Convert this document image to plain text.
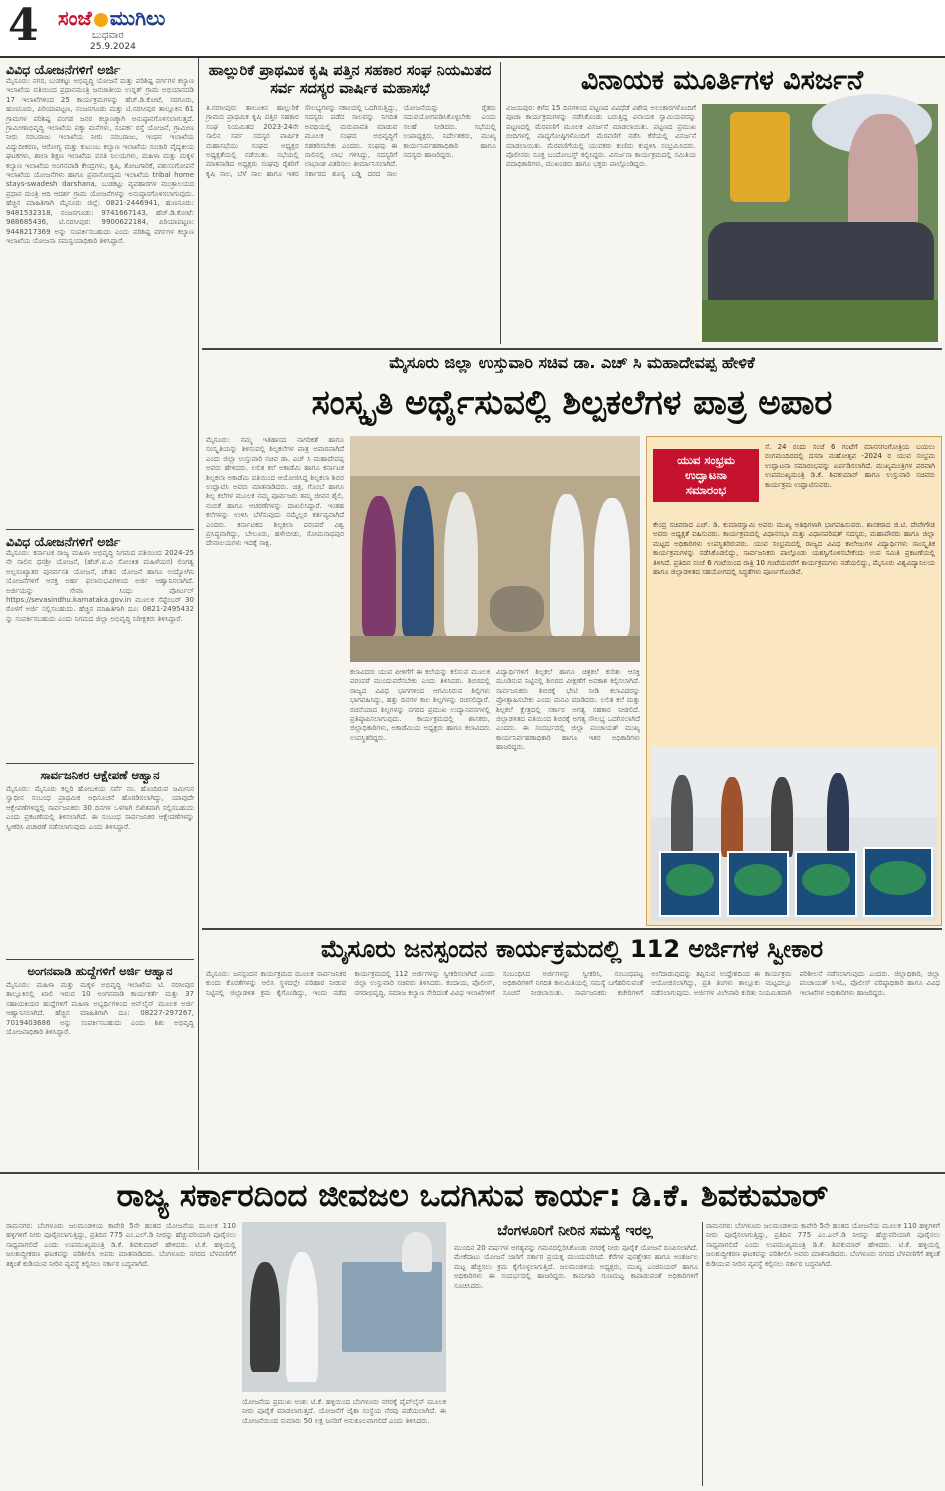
4 ಸಂಜೆ ಮುಗಿಲು
ಬುಧವಾರ
25.9.2024
ವಿವಿಧ ಯೋಜನೆಗಳಿಗೆ ಅರ್ಜಿ
ಮೈಸೂರು: ನಗರ, ಬುಡಕಟ್ಟು ಅಭಿವೃದ್ಧಿ ಯೋಜನೆ ಮತ್ತು ಪರಿಶಿಷ್ಟ ವರ್ಗಗಳ ಕಲ್ಯಾಣ ಇಲಾಖೆಯ ವತಿಯಿಂದ ಪ್ರಧಾನಮಂತ್ರಿ ಜನಜಾತೀಯ ಉನ್ನತ್ ಗ್ರಾಮ ಅಭಿಯಾನದಡಿ 17 ಇಲಾಖೆಗಳಿಂದ 25 ಕಾರ್ಯಕ್ರಮಗಳನ್ನು ಹೆಚ್.ಡಿ.ಕೋಟೆ, ಸರಗೂರು, ಹುಣಸೂರು, ಪಿರಿಯಾಪಟ್ಟಣ, ನಂಜನಗೂಡು ಮತ್ತು ಟಿ.ನರಸೀಪುರ ತಾಲ್ಲೂಕಿನ 61 ಗ್ರಾಮಗಳ ಪರಿಶಿಷ್ಟ ಪಂಗಡ ಜನರ ಕಲ್ಯಾಣಕ್ಕಾಗಿ ಅನುಷ್ಠಾನಗೊಳಿಸಲಾಗುತ್ತದೆ. ಗ್ರಾಮೀಣಾಭಿವೃದ್ಧಿ ಇಲಾಖೆಯ ಪಕ್ಕಾ ಮನೆಗಳು, ಸಂಪರ್ಕ ರಸ್ತೆ ಯೋಜನೆ, ಗ್ರಾಮೀಣ ನೀರು ಸರಬರಾಜು ಇಲಾಖೆಯ ನೀರು ಸರಬರಾಜು, ಇಂಧನ ಇಲಾಖೆಯ ವಿದ್ಯುದೀಕರಣ, ಆರೋಗ್ಯ ಮತ್ತು ಕುಟುಂಬ ಕಲ್ಯಾಣ ಇಲಾಖೆಯ ಸಂಚಾರಿ ವೈದ್ಯಕೀಯ ಘಟಕಗಳು, ಶಾಲಾ ಶಿಕ್ಷಣ ಇಲಾಖೆಯ ವಸತಿ ನಿಲಯಗಳು, ಮಹಿಳಾ ಮತ್ತು ಮಕ್ಕಳ ಕಲ್ಯಾಣ ಇಲಾಖೆಯ ಅಂಗನವಾಡಿ ಕೇಂದ್ರಗಳು, ಕೃಷಿ, ತೋಟಗಾರಿಕೆ, ಪಶುಸಂಗೋಪನೆ ಇಲಾಖೆಯ ಯೋಜನೆಗಳು ಹಾಗೂ ಪ್ರವಾಸೋದ್ಯಮ ಇಲಾಖೆಯ tribal home stays-swadesh darshana, ಬುಡಕಟ್ಟು ವ್ಯವಹಾರಗಳ ಮಂತ್ರಾಲಯದ ಪ್ರಧಾನ ಮಂತ್ರಿ ಆದಿ ಆದರ್ಶ ಗ್ರಾಮ ಯೋಜನೆಗಳನ್ನು ಅನುಷ್ಠಾನಗೊಳಿಸಲಾಗುವುದು. ಹೆಚ್ಚಿನ ಮಾಹಿತಿಗಾಗಿ ಮೈಸೂರು ಜಿಲ್ಲೆ: 0821-2446941, ಹುಣಸೂರು: 9481532318, ನಂಜನಗೂಡು: 9741667143, ಹೆಚ್.ಡಿ.ಕೋಟೆ: 988685436, ಟಿ.ನರಸೀಪುರ: 9900622184, ಪಿರಿಯಾಪಟ್ಟಣ: 9448217369 ಅನ್ನು ಸಂಪರ್ಕಿಸಬಹುದು ಎಂದು ಪರಿಶಿಷ್ಟ ವರ್ಗಗಳ ಕಲ್ಯಾಣ ಇಲಾಖೆಯ ಯೋಜನಾ ಸಮನ್ವಯಾಧಿಕಾರಿ ತಿಳಿಸಿದ್ದಾರೆ.
ವಿವಿಧ ಯೋಜನೆಗಳಿಗೆ ಅರ್ಜಿ
ಮೈಸೂರು: ಕರ್ನಾಟಕ ರಾಜ್ಯ ಮಹಿಳಾ ಅಭಿವೃದ್ಧಿ ನಿಗಮದ ವತಿಯಿಂದ 2024-25 ನೇ ಸಾಲಿನ ಧನಶ್ರೀ ಯೋಜನೆ, (ಹೆಚ್.ಐ.ವಿ ಸೋಂಕಿತ ಮಹಿಳೆಯರ) ಲಿಂಗತ್ವ ಅಲ್ಪಸಂಖ್ಯಾತರ ಪುನರ್ವಸತಿ ಯೋಜನೆ, ಚೇತನ ಯೋಜನೆ ಹಾಗೂ ಉದ್ಯೋಗಿನಿ ಯೋಜನೆಗಳಿಗೆ ಆಸಕ್ತ ಅರ್ಹ ಫಲಾನುಭವಿಗಳಿಂದ ಅರ್ಜಿ ಆಹ್ವಾನಿಸಲಾಗಿದೆ. ಅರ್ಜಿಯನ್ನು ಸೇವಾ ಸಿಂಧು ಪೋರ್ಟಲ್ https://sevasindhu.karnataka.gov.in ಮೂಲಕ ಸೆಪ್ಟೆಂಬರ್ 30 ರೊಳಗೆ ಅರ್ಜಿ ಸಲ್ಲಿಸಬಹುದು. ಹೆಚ್ಚಿನ ಮಾಹಿತಿಗಾಗಿ ದೂ: 0821-2495432 ನ್ನು ಸಂಪರ್ಕಿಸಬಹುದು ಎಂದು ನಿಗಮದ ಜಿಲ್ಲಾ ಅಭಿವೃದ್ಧಿ ನಿರೀಕ್ಷಕರು ತಿಳಿಸಿದ್ದಾರೆ.
ಸಾರ್ವಜನಿಕರ ಆಕ್ಷೇಪಣೆ ಆಹ್ವಾನ
ಮೈಸೂರು: ಮೈಸೂರು ಕಲ್ಲರಿ ಹೋಬಳಿಯ ಸರ್ವೆ ನಂ. ಹೊಂದಿರುವ ಜಮೀನಿನ ಸ್ವಾಧೀನ ಸಂಬಂಧ ಪ್ರಾಥಮಿಕ ಅಧಿಸೂಚನೆ ಹೊರಡಿಸಲಾಗಿದ್ದು, ಯಾವುದೇ ಆಕ್ಷೇಪಣೆಗಳಿದ್ದಲ್ಲಿ ಸಾರ್ವಜನಿಕರು 30 ದಿನಗಳ ಒಳಗಾಗಿ ಲಿಖಿತವಾಗಿ ಸಲ್ಲಿಸಬಹುದು ಎಂದು ಪ್ರಕಟಣೆಯಲ್ಲಿ ತಿಳಿಸಲಾಗಿದೆ. ಈ ಸಂಬಂಧ ಸಾರ್ವಜನಿಕರ ಆಕ್ಷೇಪಣೆಗಳನ್ನು ಸ್ವೀಕರಿಸಿ ವಿಚಾರಣೆ ನಡೆಸಲಾಗುವುದು ಎಂದು ತಿಳಿಸಿದ್ದಾರೆ.
ಅಂಗನವಾಡಿ ಹುದ್ದೆಗಳಿಗೆ ಅರ್ಜಿ ಆಹ್ವಾನ
ಮೈಸೂರು: ಮಹಿಳಾ ಮತ್ತು ಮಕ್ಕಳ ಅಭಿವೃದ್ಧಿ ಇಲಾಖೆಯ ಟಿ. ನರಸೀಪುರ ತಾಲ್ಲೂಕಿನಲ್ಲಿ ಖಾಲಿ ಇರುವ 10 ಅಂಗನವಾಡಿ ಕಾರ್ಯಕರ್ತೆ ಮತ್ತು 37 ಸಹಾಯಕಿಯರ ಹುದ್ದೆಗಳಿಗೆ ಮಹಿಳಾ ಅಭ್ಯರ್ಥಿಗಳಿಂದ ಆನ್‌ಲೈನ್ ಮೂಲಕ ಅರ್ಜಿ ಆಹ್ವಾನಿಸಲಾಗಿದೆ. ಹೆಚ್ಚಿನ ಮಾಹಿತಿಗಾಗಿ ದೂ: 08227-297267, 7019403686 ಅನ್ನು ಸಂಪರ್ಕಿಸಬಹುದು ಎಂದು ಶಿಶು ಅಭಿವೃದ್ಧಿ ಯೋಜನಾಧಿಕಾರಿ ತಿಳಿಸಿದ್ದಾರೆ.
ಹಾಲ್ಲುರಿಕೆ ಪ್ರಾಥಮಿಕ ಕೃಷಿ ಪತ್ತಿನ ಸಹಕಾರ ಸಂಘ ನಿಯಮಿತದ ಸರ್ವ ಸದಸ್ಯರ ವಾರ್ಷಿಕ ಮಹಾಸಭೆ
ತಿ.ನರಸೀಪುರ: ತಾಲೂಕಿನ ಹಾಲ್ಲುರಿಕೆ ಗ್ರಾಮದ ಪ್ರಾಥಮಿಕ ಕೃಷಿ ಪತ್ತಿನ ಸಹಕಾರ ಸಂಘ ನಿಯಮಿತದ 2023-24ನೇ ಸಾಲಿನ ಸರ್ವ ಸದಸ್ಯರ ವಾರ್ಷಿಕ ಮಹಾಸಭೆಯು ಸಂಘದ ಅಧ್ಯಕ್ಷರ ಅಧ್ಯಕ್ಷತೆಯಲ್ಲಿ ನಡೆಯಿತು. ಸಭೆಯಲ್ಲಿ ಮಾತನಾಡಿದ ಅಧ್ಯಕ್ಷರು ಸಂಘವು ರೈತರಿಗೆ ಕೃಷಿ ಸಾಲ, ಬೆಳೆ ಸಾಲ ಹಾಗೂ ಇತರ ಸೌಲಭ್ಯಗಳನ್ನು ಸಕಾಲದಲ್ಲಿ ಒದಗಿಸುತ್ತಿದ್ದು, ಸದಸ್ಯರು ಪಡೆದ ಸಾಲವನ್ನು ನಿಗದಿತ ಅವಧಿಯಲ್ಲಿ ಮರುಪಾವತಿ ಮಾಡುವ ಮೂಲಕ ಸಂಘದ ಅಭಿವೃದ್ಧಿಗೆ ಸಹಕರಿಸಬೇಕು ಎಂದರು. ಸಂಘವು ಈ ಸಾಲಿನಲ್ಲಿ ಲಾಭ ಗಳಿಸಿದ್ದು, ಸದಸ್ಯರಿಗೆ ಲಾಭಾಂಶ ವಿತರಿಸಲು ತೀರ್ಮಾನಿಸಲಾಗಿದೆ. ಸರ್ಕಾರದ ಶೂನ್ಯ ಬಡ್ಡಿ ದರದ ಸಾಲ ಯೋಜನೆಯನ್ನು ರೈತರು ಸದುಪಯೋಗಪಡಿಸಿಕೊಳ್ಳಬೇಕು ಎಂದು ಸಲಹೆ ನೀಡಿದರು. ಸಭೆಯಲ್ಲಿ ಉಪಾಧ್ಯಕ್ಷರು, ನಿರ್ದೇಶಕರು, ಮುಖ್ಯ ಕಾರ್ಯನಿರ್ವಹಣಾಧಿಕಾರಿ ಹಾಗೂ ಸದಸ್ಯರು ಹಾಜರಿದ್ದರು.
ವಿನಾಯಕ ಮೂರ್ತಿಗಳ ವಿಸರ್ಜನೆ
ವಿಜಯಪುರ: ಕಳೆದ 15 ದಿನಗಳಿಂದ ಪಟ್ಟಣದ ವಿವಿಧೆಡೆ ವಿಶೇಷ ಅಲಂಕಾರಗಳೊಂದಿಗೆ ಪೂಜಾ ಕಾರ್ಯಕ್ರಮಗಳನ್ನು ನಡೆಸಿಕೊಂಡು ಬರುತ್ತಿದ್ದ ವಿನಾಯಕ ಸ್ವಾಮಿಯವರನ್ನು ಪಟ್ಟಣದಲ್ಲಿ ಮೆರವಣಿಗೆ ಮೂಲಕ ವಿಸರ್ಜನೆ ಮಾಡಲಾಯಿತು. ಪಟ್ಟಣದ ಪ್ರಮುಖ ಬೀದಿಗಳಲ್ಲಿ ವಾದ್ಯಗೋಷ್ಠಿಗಳೊಂದಿಗೆ ಮೆರವಣಿಗೆ ನಡೆಸಿ ಕೆರೆಯಲ್ಲಿ ವಿಸರ್ಜನೆ ಮಾಡಲಾಯಿತು. ಮೆರವಣಿಗೆಯಲ್ಲಿ ಯುವಕರು ಕುಣಿದು ಕುಪ್ಪಳಿಸಿ ಸಂಭ್ರಮಿಸಿದರು. ಪೊಲೀಸರು ಸೂಕ್ತ ಬಂದೋಬಸ್ತ್ ಕಲ್ಪಿಸಿದ್ದರು. ವಿಸರ್ಜನಾ ಕಾರ್ಯಕ್ರಮದಲ್ಲಿ ಸಮಿತಿಯ ಪದಾಧಿಕಾರಿಗಳು, ಮುಖಂಡರು ಹಾಗೂ ಭಕ್ತರು ಪಾಲ್ಗೊಂಡಿದ್ದರು.
ಮೈಸೂರು ಜಿಲ್ಲಾ ಉಸ್ತುವಾರಿ ಸಚಿವ ಡಾ. ಎಚ್ ಸಿ ಮಹಾದೇವಪ್ಪ ಹೇಳಿಕೆ
ಸಂಸ್ಕೃತಿ ಅರ್ಥೈಸುವಲ್ಲಿ ಶಿಲ್ಪಕಲೆಗಳ ಪಾತ್ರ ಅಪಾರ
ಮೈಸೂರು: ನಮ್ಮ ಇತಿಹಾಸದ ನಾಗರಿಕತೆ ಹಾಗೂ ಸಂಸ್ಕೃತಿಯನ್ನು ತಿಳಿಸುವಲ್ಲಿ ಶಿಲ್ಪಕಲೆಗಳ ಪಾತ್ರ ಅಪಾರವಾಗಿದೆ ಎಂದು ಜಿಲ್ಲಾ ಉಸ್ತುವಾರಿ ಸಚಿವ ಡಾ. ಎಚ್ ಸಿ ಮಹಾದೇವಪ್ಪ ಅವರು ಹೇಳಿದರು. ಲಲಿತ ಕಲೆ ಅಕಾಡೆಮಿ ಹಾಗೂ ಕರ್ನಾಟಕ ಶಿಲ್ಪಕಲಾ ಅಕಾಡೆಮಿ ವತಿಯಿಂದ ಆಯೋಜಿಸಿದ್ದ ಶಿಲ್ಪಕಲಾ ಶಿಬಿರ ಉದ್ಘಾಟಿಸಿ ಅವರು ಮಾತನಾಡಿದರು. ಚಿತ್ರ, ಗೊಂಬೆ ಹಾಗೂ ಶಿಲ್ಪ ಕಲೆಗಳ ಮೂಲಕ ನಮ್ಮ ಪೂರ್ವಜರು ತಮ್ಮ ಜೀವನ ಶೈಲಿ, ನಂಬಿಕೆ ಹಾಗೂ ಆಚರಣೆಗಳನ್ನು ದಾಖಲಿಸಿದ್ದಾರೆ. ಇಂತಹ ಕಲೆಗಳನ್ನು ಉಳಿಸಿ ಬೆಳೆಸುವುದು ನಮ್ಮೆಲ್ಲರ ಕರ್ತವ್ಯವಾಗಿದೆ ಎಂದರು. ಕರ್ನಾಟಕದ ಶಿಲ್ಪಕಲಾ ಪರಂಪರೆ ವಿಶ್ವ ಪ್ರಸಿದ್ಧವಾಗಿದ್ದು, ಬೇಲೂರು, ಹಳೇಬೀಡು, ಸೋಮನಾಥಪುರ ದೇವಾಲಯಗಳು ಇದಕ್ಕೆ ಸಾಕ್ಷಿ.
ಕಲಾವಿದರು ಯುವ ಪೀಳಿಗೆಗೆ ಈ ಕಲೆಯನ್ನು ಕಲಿಸುವ ಮೂಲಕ ಪರಂಪರೆ ಮುಂದುವರೆಸಬೇಕು ಎಂದು ತಿಳಿಸಿದರು. ಶಿಬಿರದಲ್ಲಿ ರಾಜ್ಯದ ವಿವಿಧ ಭಾಗಗಳಿಂದ ಆಗಮಿಸಿರುವ ಶಿಲ್ಪಿಗಳು ಭಾಗವಹಿಸಿದ್ದು, ಹತ್ತು ದಿನಗಳ ಕಾಲ ಶಿಲ್ಪಗಳನ್ನು ರಚಿಸಲಿದ್ದಾರೆ. ರಚನೆಯಾದ ಶಿಲ್ಪಗಳನ್ನು ನಗರದ ಪ್ರಮುಖ ಉದ್ಯಾನವನಗಳಲ್ಲಿ ಪ್ರತಿಷ್ಠಾಪಿಸಲಾಗುವುದು. ಕಾರ್ಯಕ್ರಮದಲ್ಲಿ ಶಾಸಕರು, ಜಿಲ್ಲಾಧಿಕಾರಿಗಳು, ಅಕಾಡೆಮಿಯ ಅಧ್ಯಕ್ಷರು ಹಾಗೂ ಕಲಾವಿದರು ಉಪಸ್ಥಿತರಿದ್ದರು.
ವಿದ್ಯಾರ್ಥಿಗಳಿಗೆ ಶಿಲ್ಪಕಲೆ ಹಾಗೂ ಚಿತ್ರಕಲೆ ಕುರಿತು ಆಸಕ್ತಿ ಮೂಡಿಸುವ ನಿಟ್ಟಿನಲ್ಲಿ ಶಿಬಿರದ ವೀಕ್ಷಣೆಗೆ ಅವಕಾಶ ಕಲ್ಪಿಸಲಾಗಿದೆ. ಸಾರ್ವಜನಿಕರು ಶಿಬಿರಕ್ಕೆ ಭೇಟಿ ನೀಡಿ ಕಲಾವಿದರನ್ನು ಪ್ರೋತ್ಸಾಹಿಸಬೇಕು ಎಂದು ಮನವಿ ಮಾಡಿದರು. ಲಲಿತ ಕಲೆ ಮತ್ತು ಶಿಲ್ಪಕಲೆ ಕ್ಷೇತ್ರದಲ್ಲಿ ಸರ್ಕಾರ ಅಗತ್ಯ ಸಹಕಾರ ನೀಡಲಿದೆ. ಜಿಲ್ಲಾಡಳಿತದ ವತಿಯಿಂದ ಶಿಬಿರಕ್ಕೆ ಅಗತ್ಯ ಸೌಲಭ್ಯ ಒದಗಿಸಲಾಗಿದೆ ಎಂದರು. ಈ ಸಂದರ್ಭದಲ್ಲಿ ಜಿಲ್ಲಾ ಪಂಚಾಯತ್ ಮುಖ್ಯ ಕಾರ್ಯನಿರ್ವಹಣಾಧಿಕಾರಿ ಹಾಗೂ ಇತರ ಅಧಿಕಾರಿಗಳು ಹಾಜರಿದ್ದರು.
ಯುವ ಸಂಭ್ರಮ
ಉದ್ಘಾಟನಾ
ಸಮಾರಂಭ
ಸೆ. 24 ರಂದು ಸಂಜೆ 6 ಗಂಟೆಗೆ ಮಾನಸಗಂಗೋತ್ರಿಯ ಬಯಲು ರಂಗಮಂದಿರದಲ್ಲಿ ದಸರಾ ಮಹೋತ್ಸವ -2024 ರ ಯುವ ಸಂಭ್ರಮ ಉದ್ಘಾಟನಾ ಸಮಾರಂಭವನ್ನು ಏರ್ಪಡಿಸಲಾಗಿದೆ. ಮುಖ್ಯಮಂತ್ರಿಗಳ ಪರವಾಗಿ ಉಪಮುಖ್ಯಮಂತ್ರಿ ಡಿ.ಕೆ. ಶಿವಕುಮಾರ್ ಹಾಗೂ ಉಸ್ತುವಾರಿ ಸಚಿವರು ಕಾರ್ಯಕ್ರಮ ಉದ್ಘಾಟಿಸುವರು.
ಕೇಂದ್ರ ಸಚಿವರಾದ ಎಚ್. ಡಿ. ಕುಮಾರಸ್ವಾಮಿ ಅವರು ಮುಖ್ಯ ಅತಿಥಿಗಳಾಗಿ ಭಾಗವಹಿಸುವರು. ಶಾಸಕರಾದ ಜಿ.ಟಿ. ದೇವೇಗೌಡ ಅವರು ಅಧ್ಯಕ್ಷತೆ ವಹಿಸುವರು. ಕಾರ್ಯಕ್ರಮದಲ್ಲಿ ವಿಧಾನಸಭಾ ಮತ್ತು ವಿಧಾನಪರಿಷತ್ ಸದಸ್ಯರು, ಮಹಾಪೌರರು ಹಾಗೂ ಜಿಲ್ಲಾ ಮಟ್ಟದ ಅಧಿಕಾರಿಗಳು ಉಪಸ್ಥಿತರಿರುವರು. ಯುವ ಸಂಭ್ರಮದಲ್ಲಿ ರಾಜ್ಯದ ವಿವಿಧ ಕಾಲೇಜುಗಳ ವಿದ್ಯಾರ್ಥಿಗಳು ಸಾಂಸ್ಕೃತಿಕ ಕಾರ್ಯಕ್ರಮಗಳನ್ನು ನಡೆಸಿಕೊಡಲಿದ್ದು, ಸಾರ್ವಜನಿಕರು ಪಾಲ್ಗೊಂಡು ಯಶಸ್ವಿಗೊಳಿಸಬೇಕೆಂದು ಉಪ ಸಮಿತಿ ಪ್ರಕಟಣೆಯಲ್ಲಿ ತಿಳಿಸಿದೆ. ಪ್ರತಿದಿನ ಸಂಜೆ 6 ಗಂಟೆಯಿಂದ ರಾತ್ರಿ 10 ಗಂಟೆಯವರೆಗೆ ಕಾರ್ಯಕ್ರಮಗಳು ನಡೆಯಲಿದ್ದು, ಮೈಸೂರು ವಿಶ್ವವಿದ್ಯಾನಿಲಯ ಹಾಗೂ ಜಿಲ್ಲಾಡಳಿತದ ಸಹಯೋಗದಲ್ಲಿ ಸಿದ್ಧತೆಗಳು ಪೂರ್ಣಗೊಂಡಿವೆ.
ಮೈಸೂರು ಜನಸ್ಪಂದನ ಕಾರ್ಯಕ್ರಮದಲ್ಲಿ 112 ಅರ್ಜಿಗಳ ಸ್ವೀಕಾರ
ಮೈಸೂರು: ಜನಸ್ಪಂದನ ಕಾರ್ಯಕ್ರಮದ ಮೂಲಕ ಸಾರ್ವಜನಿಕರ ಕುಂದು ಕೊರತೆಗಳನ್ನು ಆಲಿಸಿ ಸ್ಥಳದಲ್ಲೇ ಪರಿಹಾರ ನೀಡುವ ನಿಟ್ಟಿನಲ್ಲಿ ಜಿಲ್ಲಾಡಳಿತ ಕ್ರಮ ಕೈಗೊಂಡಿದ್ದು, ಇಂದು ನಡೆದ ಕಾರ್ಯಕ್ರಮದಲ್ಲಿ 112 ಅರ್ಜಿಗಳನ್ನು ಸ್ವೀಕರಿಸಲಾಗಿದೆ ಎಂದು ಜಿಲ್ಲಾ ಉಸ್ತುವಾರಿ ಸಚಿವರು ತಿಳಿಸಿದರು. ಕಂದಾಯ, ಪೊಲೀಸ್, ನಗರಾಭಿವೃದ್ಧಿ, ಸಮಾಜ ಕಲ್ಯಾಣ ಸೇರಿದಂತೆ ವಿವಿಧ ಇಲಾಖೆಗಳಿಗೆ ಸಂಬಂಧಿಸಿದ ಅರ್ಜಿಗಳನ್ನು ಸ್ವೀಕರಿಸಿ, ಸಂಬಂಧಪಟ್ಟ ಅಧಿಕಾರಿಗಳಿಗೆ ನಿಗದಿತ ಕಾಲಮಿತಿಯಲ್ಲಿ ಸಮಸ್ಯೆ ಬಗೆಹರಿಸುವಂತೆ ಸೂಚನೆ ನೀಡಲಾಯಿತು. ಸಾರ್ವಜನಿಕರು ಕಚೇರಿಗಳಿಗೆ ಅಲೆದಾಡುವುದನ್ನು ತಪ್ಪಿಸುವ ಉದ್ದೇಶದಿಂದ ಈ ಕಾರ್ಯಕ್ರಮ ಆಯೋಜಿಸಲಾಗಿದ್ದು, ಪ್ರತಿ ತಿಂಗಳು ತಾಲ್ಲೂಕು ಮಟ್ಟದಲ್ಲೂ ನಡೆಸಲಾಗುವುದು. ಅರ್ಜಿಗಳ ವಿಲೇವಾರಿ ಕುರಿತು ನಿಯಮಿತವಾಗಿ ಪರಿಶೀಲನೆ ನಡೆಸಲಾಗುವುದು ಎಂದರು. ಜಿಲ್ಲಾಧಿಕಾರಿ, ಜಿಲ್ಲಾ ಪಂಚಾಯತ್ ಸಿಇಓ, ಪೊಲೀಸ್ ವರಿಷ್ಠಾಧಿಕಾರಿ ಹಾಗೂ ವಿವಿಧ ಇಲಾಖೆಗಳ ಅಧಿಕಾರಿಗಳು ಹಾಜರಿದ್ದರು.
ರಾಜ್ಯ ಸರ್ಕಾರದಿಂದ ಜೀವಜಲ ಒದಗಿಸುವ ಕಾರ್ಯ: ಡಿ.ಕೆ. ಶಿವಕುಮಾರ್
ರಾಮನಗರ: ಬೆಂಗಳೂರು ಜಲಮಂಡಳಿಯ ಕಾವೇರಿ 5ನೇ ಹಂತದ ಯೋಜನೆಯ ಮೂಲಕ 110 ಹಳ್ಳಿಗಳಿಗೆ ನೀರು ಪೂರೈಸಲಾಗುತ್ತಿದ್ದು, ಪ್ರತಿದಿನ 775 ಎಂ.ಎಲ್.ಡಿ ನೀರನ್ನು ಹೆಚ್ಚುವರಿಯಾಗಿ ಪೂರೈಸಲು ಸಾಧ್ಯವಾಗಲಿದೆ ಎಂದು ಉಪಮುಖ್ಯಮಂತ್ರಿ ಡಿ.ಕೆ. ಶಿವಕುಮಾರ್ ಹೇಳಿದರು. ಟಿ.ಕೆ. ಹಳ್ಳಿಯಲ್ಲಿ ಜಲಶುದ್ಧೀಕರಣ ಘಟಕವನ್ನು ಪರಿಶೀಲಿಸಿ ಅವರು ಮಾತನಾಡಿದರು. ಬೆಂಗಳೂರು ನಗರದ ಬೆಳವಣಿಗೆಗೆ ತಕ್ಕಂತೆ ಕುಡಿಯುವ ನೀರಿನ ವ್ಯವಸ್ಥೆ ಕಲ್ಪಿಸಲು ಸರ್ಕಾರ ಬದ್ಧವಾಗಿದೆ.
ಯೋಜನೆಯ ಪ್ರಮುಖ ಅಂಶ: ಟಿ.ಕೆ. ಹಳ್ಳಿಯಿಂದ ಬೆಂಗಳೂರು ನಗರಕ್ಕೆ ಪೈಪ್‌ಲೈನ್ ಮೂಲಕ ನೀರು ಪೂರೈಕೆ ಮಾಡಲಾಗುತ್ತದೆ. ಯೋಜನೆಗೆ ಜೈಕಾ ಸಂಸ್ಥೆಯ ನೆರವು ಪಡೆಯಲಾಗಿದೆ. ಈ ಯೋಜನೆಯಿಂದ ಸುಮಾರು 50 ಲಕ್ಷ ಜನರಿಗೆ ಅನುಕೂಲವಾಗಲಿದೆ ಎಂದು ತಿಳಿಸಿದರು.
ಬೆಂಗಳೂರಿಗೆ ನೀರಿನ ಸಮಸ್ಯೆ ಇರಲ್ಲ
ಮುಂದಿನ 20 ವರ್ಷಗಳ ಅಗತ್ಯವನ್ನು ಗಮನದಲ್ಲಿರಿಸಿಕೊಂಡು ನಗರಕ್ಕೆ ನೀರು ಪೂರೈಕೆ ಯೋಜನೆ ರೂಪಿಸಲಾಗಿದೆ. ಮೇಕೆದಾಟು ಯೋಜನೆ ಜಾರಿಗೆ ಸರ್ಕಾರ ಪ್ರಯತ್ನ ಮುಂದುವರಿಸಿದೆ. ಕೆರೆಗಳ ಪುನಶ್ಚೇತನ ಹಾಗೂ ಅಂತರ್ಜಲ ಮಟ್ಟ ಹೆಚ್ಚಿಸಲು ಕ್ರಮ ಕೈಗೊಳ್ಳಲಾಗುತ್ತಿದೆ. ಜಲಮಂಡಳಿಯ ಅಧ್ಯಕ್ಷರು, ಮುಖ್ಯ ಎಂಜಿನಿಯರ್ ಹಾಗೂ ಅಧಿಕಾರಿಗಳು ಈ ಸಂದರ್ಭದಲ್ಲಿ ಹಾಜರಿದ್ದರು. ಕಾಮಗಾರಿ ಗುಣಮಟ್ಟ ಕಾಪಾಡುವಂತೆ ಅಧಿಕಾರಿಗಳಿಗೆ ಸೂಚಿಸಿದರು.
ರಾಮನಗರ: ಬೆಂಗಳೂರು ಜಲಮಂಡಳಿಯ ಕಾವೇರಿ 5ನೇ ಹಂತದ ಯೋಜನೆಯ ಮೂಲಕ 110 ಹಳ್ಳಿಗಳಿಗೆ ನೀರು ಪೂರೈಸಲಾಗುತ್ತಿದ್ದು, ಪ್ರತಿದಿನ 775 ಎಂ.ಎಲ್.ಡಿ ನೀರನ್ನು ಹೆಚ್ಚುವರಿಯಾಗಿ ಪೂರೈಸಲು ಸಾಧ್ಯವಾಗಲಿದೆ ಎಂದು ಉಪಮುಖ್ಯಮಂತ್ರಿ ಡಿ.ಕೆ. ಶಿವಕುಮಾರ್ ಹೇಳಿದರು. ಟಿ.ಕೆ. ಹಳ್ಳಿಯಲ್ಲಿ ಜಲಶುದ್ಧೀಕರಣ ಘಟಕವನ್ನು ಪರಿಶೀಲಿಸಿ ಅವರು ಮಾತನಾಡಿದರು. ಬೆಂಗಳೂರು ನಗರದ ಬೆಳವಣಿಗೆಗೆ ತಕ್ಕಂತೆ ಕುಡಿಯುವ ನೀರಿನ ವ್ಯವಸ್ಥೆ ಕಲ್ಪಿಸಲು ಸರ್ಕಾರ ಬದ್ಧವಾಗಿದೆ.
